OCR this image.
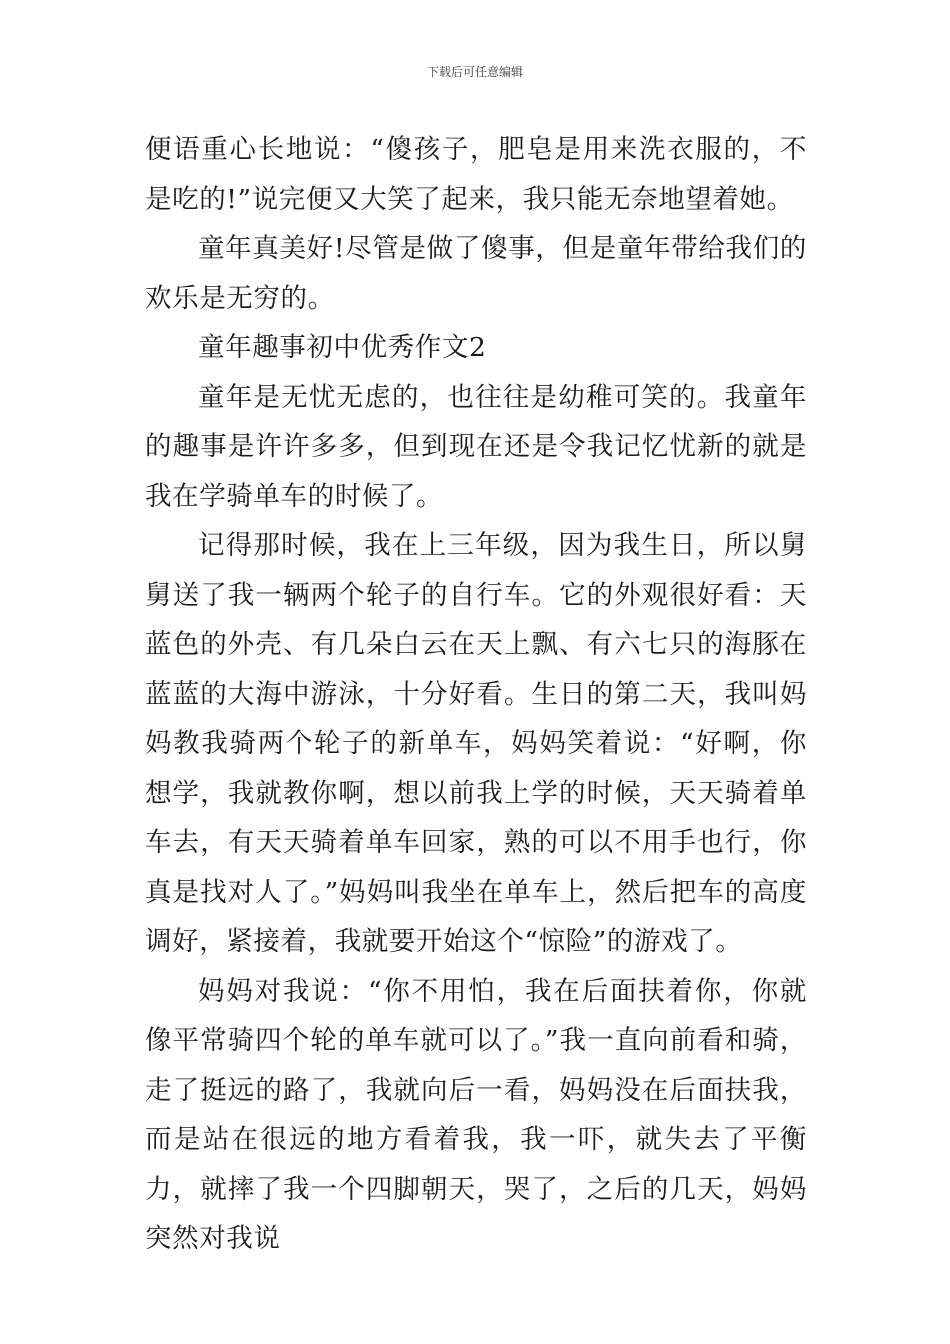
下载后可任意编辑

便语重心长地说：“傻孩子，肥皂是用来洗衣服的，不是吃的!”说完便又大笑了起来，我只能无奈地望着她。

童年真美好!尽管是做了傻事，但是童年带给我们的欢乐是无穷的。

童年趣事初中优秀作文2

童年是无忧无虑的，也往往是幼稚可笑的。我童年的趣事是许许多多，但到现在还是令我记忆忧新的就是我在学骑单车的时候了。

记得那时候，我在上三年级，因为我生日，所以舅舅送了我一辆两个轮子的自行车。它的外观很好看：天蓝色的外壳、有几朵白云在天上飘、有六七只的海豚在蓝蓝的大海中游泳，十分好看。生日的第二天，我叫妈妈教我骑两个轮子的新单车，妈妈笑着说：“好啊，你想学，我就教你啊，想以前我上学的时候，天天骑着单车去，有天天骑着单车回家，熟的可以不用手也行，你真是找对人了。”妈妈叫我坐在单车上，然后把车的高度调好，紧接着，我就要开始这个“惊险”的游戏了。

妈妈对我说：“你不用怕，我在后面扶着你，你就像平常骑四个轮的单车就可以了。”我一直向前看和骑，走了挺远的路了，我就向后一看，妈妈没在后面扶我，而是站在很远的地方看着我，我一吓，就失去了平衡力，就摔了我一个四脚朝天，哭了，之后的几天，妈妈突然对我说
